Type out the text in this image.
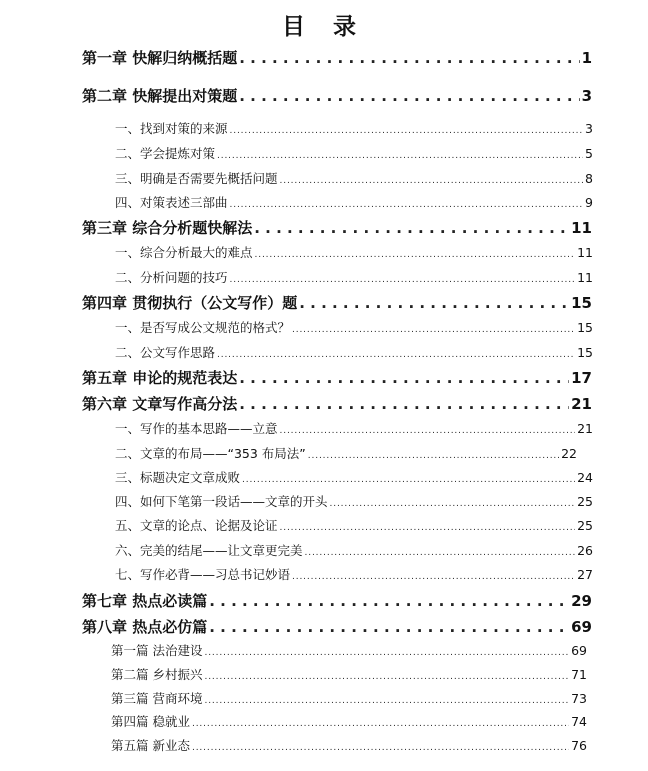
目 录
第一章 快解归纳概括题 . . .	1
第二章 快解提出对策题 . . .	3
一、找到对策的来源 . . .	3
二、学会提炼对策 . . .	5
三、明确是否需要先概括问题 . . .	8
四、对策表述三部曲 . . .	9
第三章 综合分析题快解法 . . .	11
一、综合分析最大的难点 . . .	11
二、分析问题的技巧 . . .	11
第四章 贯彻执行（公文写作）题 . . .	15
一、是否写成公文规范的格式？ . . .	15
二、公文写作思路 . . .	15
第五章 申论的规范表达 . . .	17
第六章 文章写作高分法 . . .	21
一、写作的基本思路——立意 . . .	21
二、文章的布局——“353 布局法” . . .	22
三、标题决定文章成败 . . .	24
四、如何下笔第一段话——文章的开头 . . .	25
五、文章的论点、论据及论证 . . .	25
六、完美的结尾——让文章更完美 . . .	26
七、写作必背——习总书记妙语 . . .	27
第七章 热点必读篇 . . .	29
第八章 热点必仿篇 . . .	69
第一篇 法治建设 . . .	69
第二篇 乡村振兴 . . .	71
第三篇 营商环境 . . .	73
第四篇 稳就业 . . .	74
第五篇 新业态 . . .	76
